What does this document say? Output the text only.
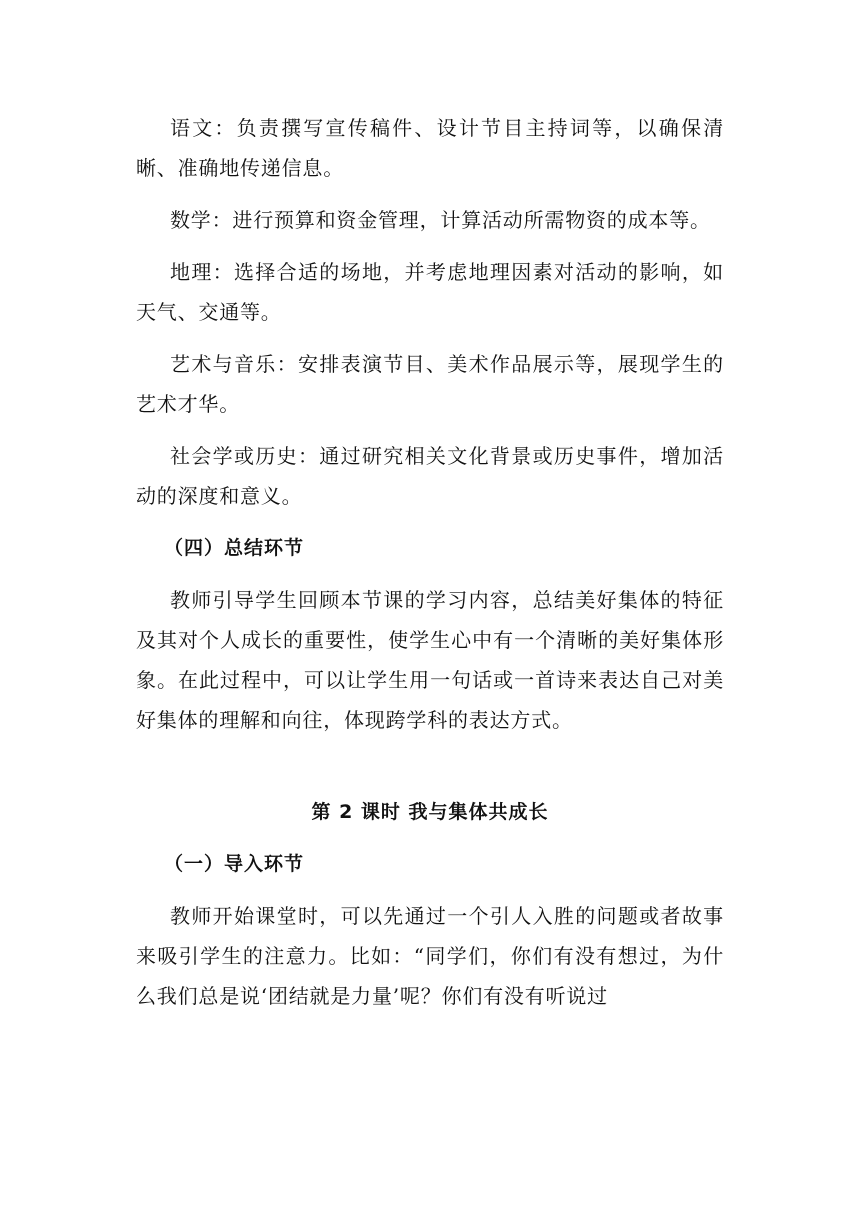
语文：负责撰写宣传稿件、设计节目主持词等，以确保清晰、准确地传递信息。

数学：进行预算和资金管理，计算活动所需物资的成本等。

地理：选择合适的场地，并考虑地理因素对活动的影响，如天气、交通等。

艺术与音乐：安排表演节目、美术作品展示等，展现学生的艺术才华。

社会学或历史：通过研究相关文化背景或历史事件，增加活动的深度和意义。

（四）总结环节

教师引导学生回顾本节课的学习内容，总结美好集体的特征及其对个人成长的重要性，使学生心中有一个清晰的美好集体形象。在此过程中，可以让学生用一句话或一首诗来表达自己对美好集体的理解和向往，体现跨学科的表达方式。

第 2 课时 我与集体共成长
（一）导入环节

教师开始课堂时，可以先通过一个引人入胜的问题或者故事来吸引学生的注意力。比如：“同学们，你们有没有想过，为什么我们总是说‘团结就是力量’呢？你们有没有听说过
